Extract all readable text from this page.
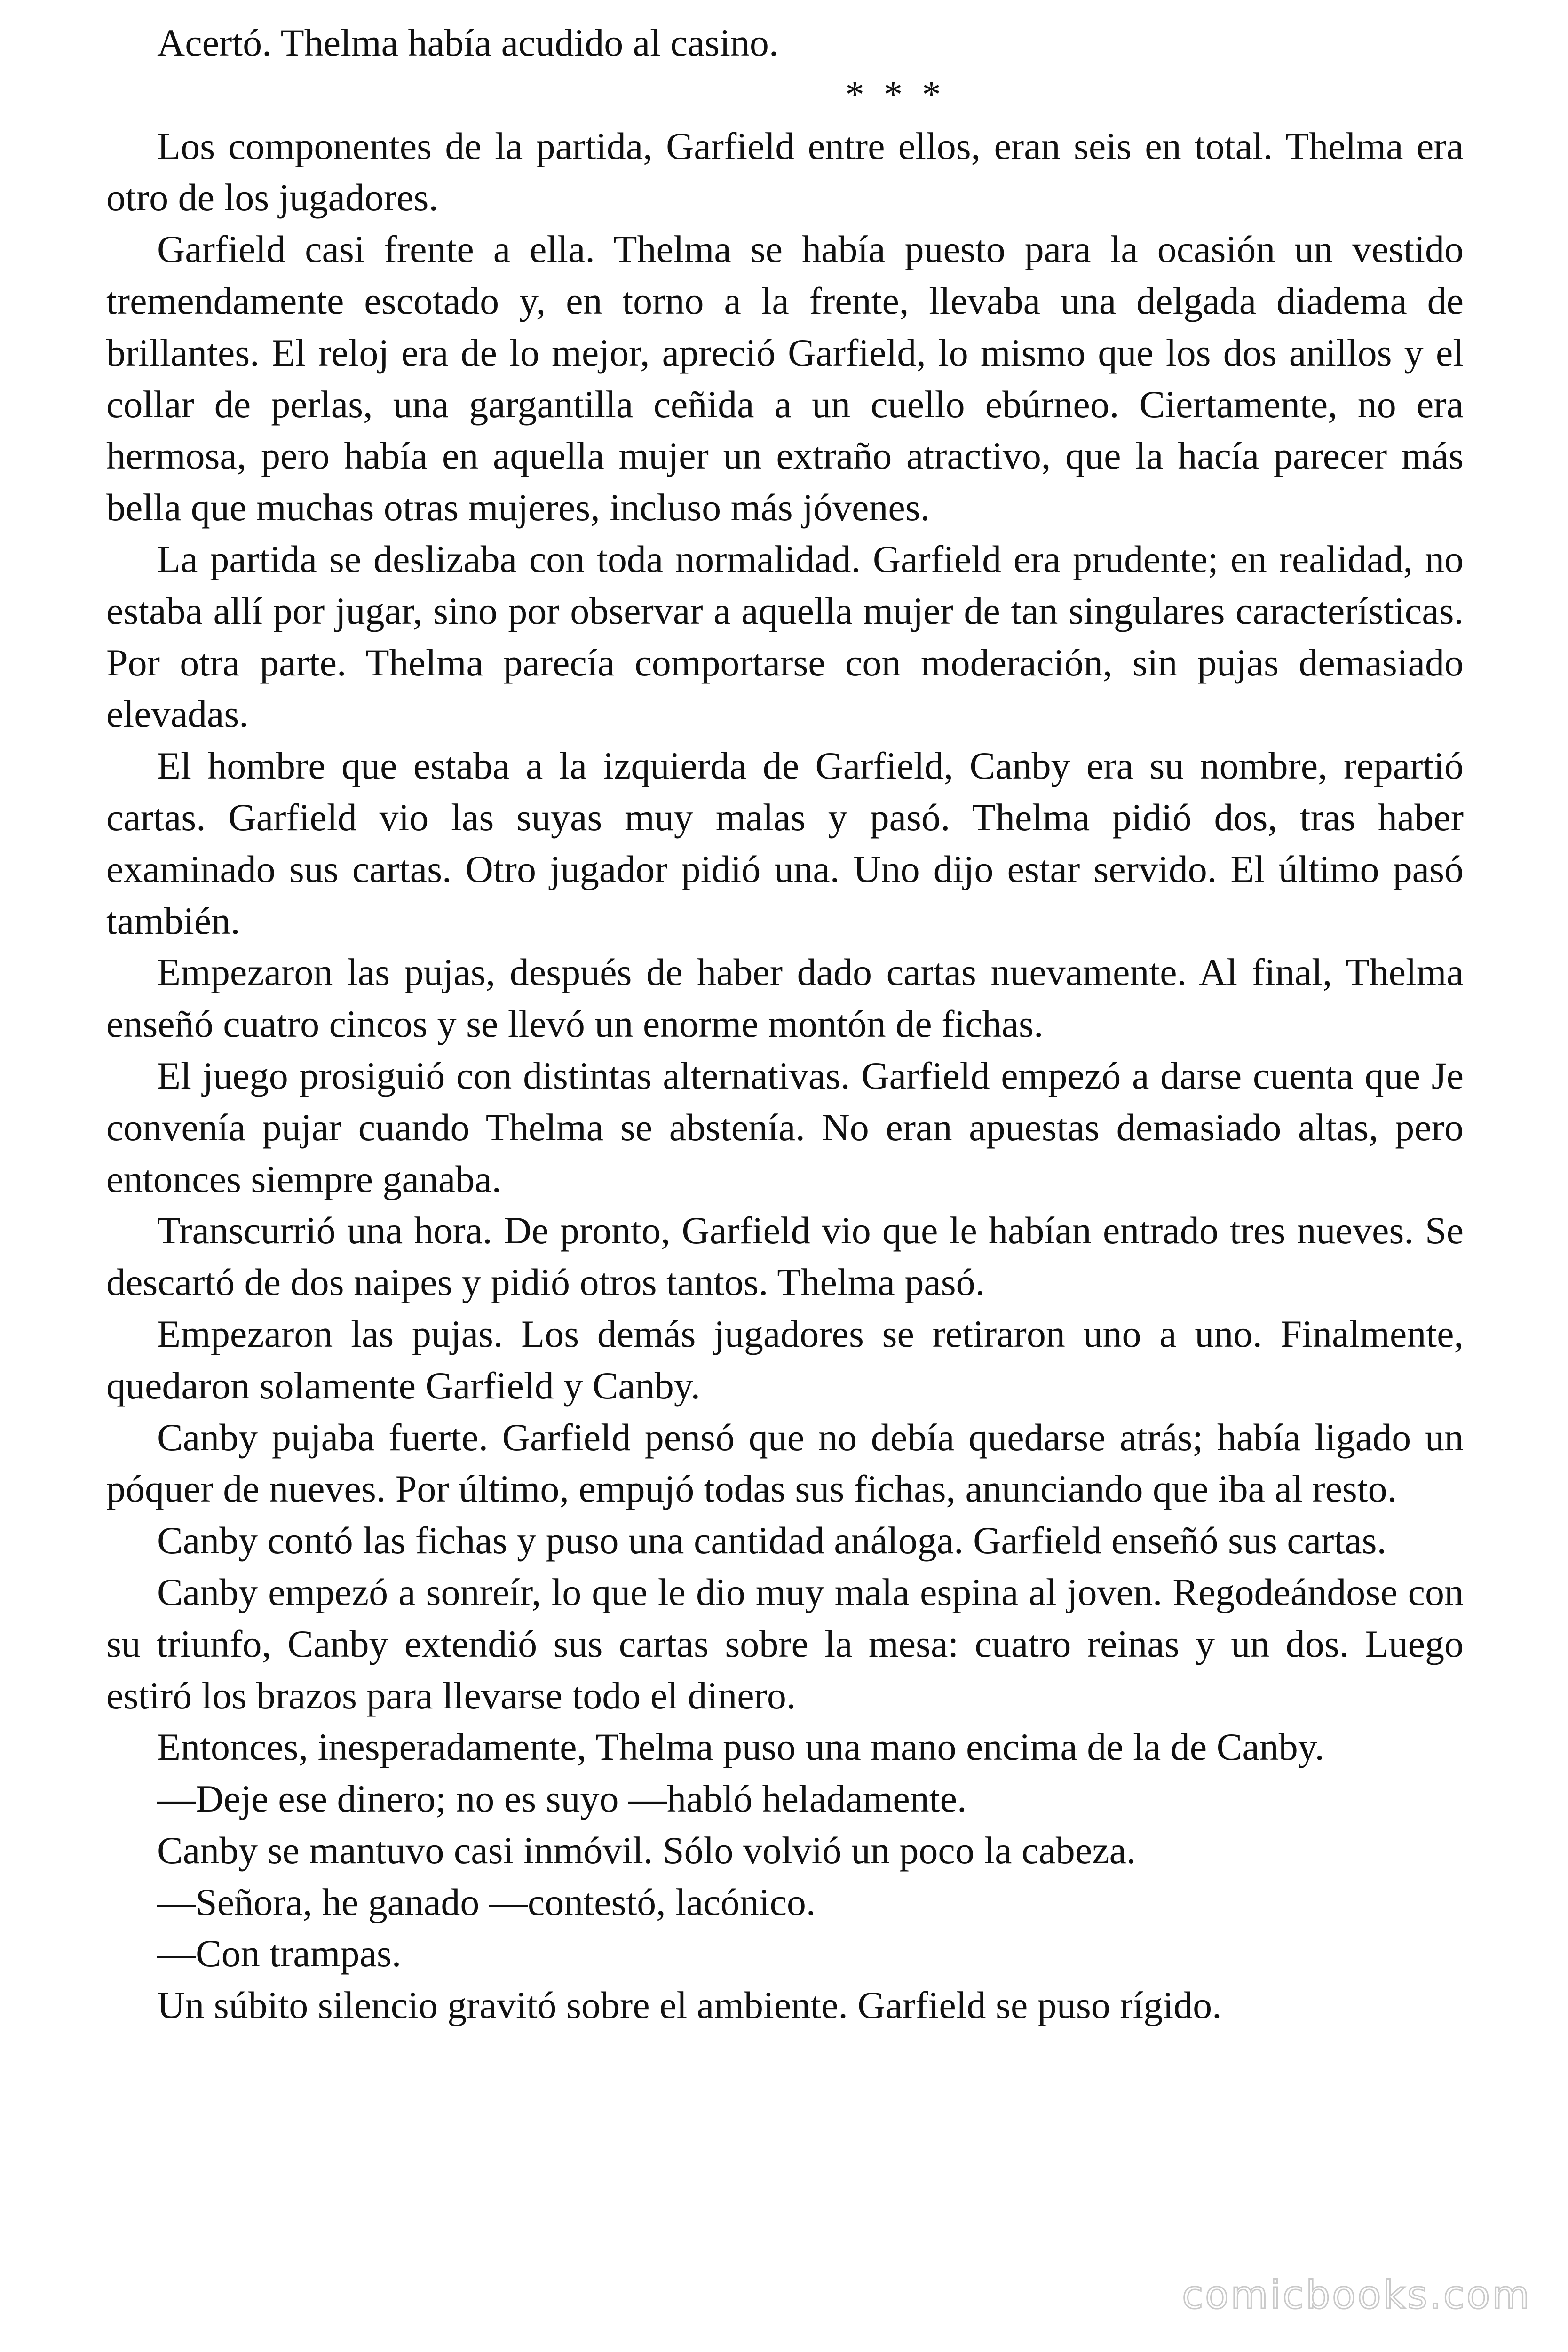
Acertó. Thelma había acudido al casino.

* * *

Los componentes de la partida, Garfield entre ellos, eran seis en total. Thelma era otro de los jugadores.

Garfield casi frente a ella. Thelma se había puesto para la ocasión un vestido tremendamente escotado y, en torno a la frente, llevaba una delgada diadema de brillantes. El reloj era de lo mejor, apreció Garfield, lo mismo que los dos anillos y el collar de perlas, una gargantilla ceñida a un cuello ebúrneo. Ciertamente, no era hermosa, pero había en aquella mujer un extraño atractivo, que la hacía parecer más bella que muchas otras mujeres, incluso más jóvenes.

La partida se deslizaba con toda normalidad. Garfield era prudente; en realidad, no estaba allí por jugar, sino por observar a aquella mujer de tan singulares características. Por otra parte. Thelma parecía comportarse con moderación, sin pujas demasiado elevadas.

El hombre que estaba a la izquierda de Garfield, Canby era su nombre, repartió cartas. Garfield vio las suyas muy malas y pasó. Thelma pidió dos, tras haber examinado sus cartas. Otro jugador pidió una. Uno dijo estar servido. El último pasó también.

Empezaron las pujas, después de haber dado cartas nuevamente. Al final, Thelma enseñó cuatro cincos y se llevó un enorme montón de fichas.

El juego prosiguió con distintas alternativas. Garfield empezó a darse cuenta que Je convenía pujar cuando Thelma se abstenía. No eran apuestas demasiado altas, pero entonces siempre ganaba.

Transcurrió una hora. De pronto, Garfield vio que le habían entrado tres nueves. Se descartó de dos naipes y pidió otros tantos. Thelma pasó.

Empezaron las pujas. Los demás jugadores se retiraron uno a uno. Finalmente, quedaron solamente Garfield y Canby.

Canby pujaba fuerte. Garfield pensó que no debía quedarse atrás; había ligado un póquer de nueves. Por último, empujó todas sus fichas, anunciando que iba al resto.

Canby contó las fichas y puso una cantidad análoga. Garfield enseñó sus cartas.

Canby empezó a sonreír, lo que le dio muy mala espina al joven. Regodeándose con su triunfo, Canby extendió sus cartas sobre la mesa: cuatro reinas y un dos. Luego estiró los brazos para llevarse todo el dinero.

Entonces, inesperadamente, Thelma puso una mano encima de la de Canby.

—Deje ese dinero; no es suyo —habló heladamente.

Canby se mantuvo casi inmóvil. Sólo volvió un poco la cabeza.

—Señora, he ganado —contestó, lacónico.

—Con trampas.

Un súbito silencio gravitó sobre el ambiente. Garfield se puso rígido.

comicbooks.com
